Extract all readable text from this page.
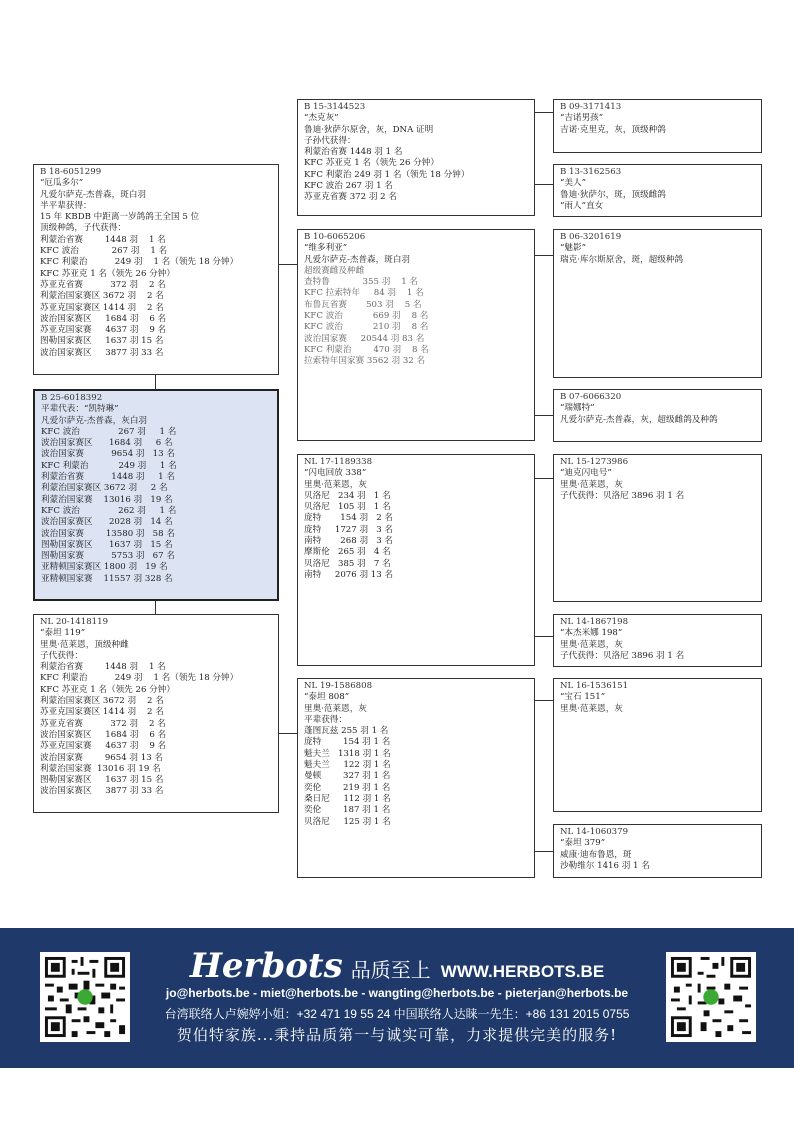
B 18-6051299
“厄瓜多尔”
凡爱尔萨克-杰普森，斑白羽
半平辈获得：
15 年 KBDB 中距离一岁鸽鸽王全国 5 位
顶级种鸽，子代获得：
利蒙治省赛        1448 羽    1 名
KFC 波治            267 羽    1 名
KFC 利蒙治          249 羽    1 名（领先 18 分钟）
KFC 苏亚克 1 名（领先 26 分钟）
苏亚克省赛          372 羽    2 名
利蒙治国家赛区 3672 羽    2 名
苏亚克国家赛区 1414 羽    2 名
波治国家赛区     1684 羽    6 名
苏亚克国家赛     4637 羽    9 名
图勒国家赛区     1637 羽 15 名
波治国家赛区     3877 羽 33 名
B 25-6018392
平辈代表：“凯特琳”
凡爱尔萨克-杰普森，灰白羽
KFC 波治              267 羽     1 名
波治国家赛区      1684 羽     6 名
波治国家赛          9654 羽   13 名
KFC 利蒙治           249 羽     1 名
利蒙治省赛          1448 羽     1 名
利蒙治国家赛区 3672 羽     2 名
利蒙治国家赛    13016 羽   19 名
KFC 波治              262 羽     1 名
波治国家赛区      2028 羽   14 名
波治国家赛        13580 羽   58 名
图勒国家赛区      1637 羽   15 名
图勒国家赛          5753 羽   67 名
亚精顿国家赛区 1800 羽   19 名
亚精顿国家赛    11557 羽 328 名
NL 20-1418119
“泰坦 119”
里奥·范莱恩，顶级种雌
子代获得：
利蒙治省赛        1448 羽    1 名
KFC 利蒙治          249 羽    1 名（领先 18 分钟）
KFC 苏亚克 1 名（领先 26 分钟）
利蒙治国家赛区 3672 羽    2 名
苏亚克国家赛区 1414 羽    2 名
苏亚克省赛          372 羽    2 名
波治国家赛区     1684 羽    6 名
苏亚克国家赛     4637 羽    9 名
波治国家赛        9654 羽 13 名
利蒙治国家赛  13016 羽 19 名
图勒国家赛区     1637 羽 15 名
波治国家赛区     3877 羽 33 名
B 15-3144523
“杰克灰”
鲁迪·狄萨尔原舍，灰，DNA 证明
子孙代获得：
利蒙治省赛 1448 羽 1 名
KFC 苏亚克 1 名（领先 26 分钟）
KFC 利蒙治 249 羽 1 名（领先 18 分钟）
KFC 波治 267 羽 1 名
苏亚克省赛 372 羽 2 名
B 10-6065206
“维多利亚”
凡爱尔萨克-杰普森，斑白羽
超级赛雌及种雌
查特鲁            355 羽    1 名
KFC 拉索特年     84 羽    1 名
布鲁瓦省赛       503 羽    5 名
KFC 波治           669 羽    8 名
KFC 波治           210 羽    8 名
波治国家赛     20544 羽 83 名
KFC 利蒙治        470 羽    8 名
拉索特年国家赛 3562 羽 32 名
NL 17-1189338
“闪电回放 338”
里奥·范莱恩，灰
贝洛尼   234 羽   1 名
贝洛尼   105 羽   1 名
庞特       154 羽   2 名
庞特     1727 羽   3 名
南特       268 羽   3 名
摩斯伦   265 羽   4 名
贝洛尼   385 羽   7 名
南特     2076 羽 13 名
NL 19-1586808
“泰坦 808”
里奥·范莱恩，灰
平辈获得：
蓬图瓦兹 255 羽 1 名
庞特        154 羽 1 名
魁夫兰   1318 羽 1 名
魁夫兰     122 羽 1 名
曼顿        327 羽 1 名
奕伦        219 羽 1 名
桑日尼     112 羽 1 名
奕伦        187 羽 1 名
贝洛尼     125 羽 1 名
B 09-3171413
“吉诺男孩”
吉诺·克里克，灰，顶级种鸽
B 13-3162563
“美人”
鲁迪·狄萨尔，斑，顶级雌鸽
“雨人”直女
B 06-3201619
“魅影”
瑞克·库尔斯原舍，斑，超级种鸽
B 07-6066320
“瑞娜特”
凡爱尔萨克-杰普森，灰，超级雌鸽及种鸽
NL 15-1273986
“迪克闪电号”
里奥·范莱恩，灰
子代获得：贝洛尼 3896 羽 1 名
NL 14-1867198
“本杰米娜 198”
里奥·范莱恩，灰
子代获得：贝洛尼 3896 羽 1 名
NL 16-1536151
“宝石 151”
里奥·范莱恩，灰
NL 14-1060379
“泰坦 379”
威康·迪布鲁恩，斑
沙勒维尔 1416 羽 1 名
Herbots 品质至上 WWW.HERBOTS.BE
jo@herbots.be - miet@herbots.be - wangting@herbots.be - pieterjan@herbots.be
台湾联络人卢婉婷小姐：+32 471 19 55 24 中国联络人达睐一先生：+86 131 2015 0755
贺伯特家族...秉持品质第一与诚实可靠，力求提供完美的服务!
